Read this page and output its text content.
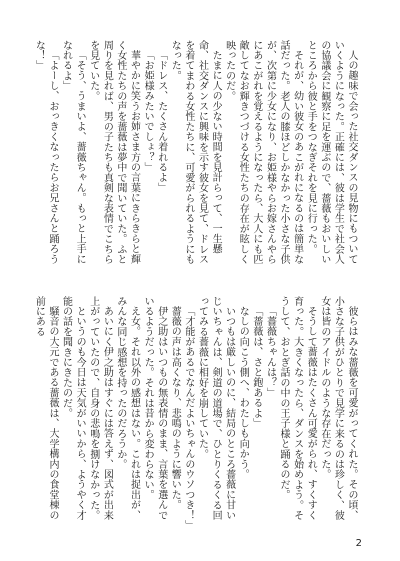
人の趣味で会った社交ダンスの見物にもついていくようになった。正確には、彼は学生で社会人の協議会に観察に足を運ぶので、薔薇もおいしいところから彼と手をつなぎそれを見に行った。

それが、幼い彼女のあこがれになるのは簡単な話だった。老人の膝ほどしかなかった小さな子供が、次第に少女になり、お姫様やらお嫁さんやらにあこがれを覚えるようになったら、大人にも匹敵してなお輝きつづける女性たちの存在が眩しく映ったのだ。

たまに人の少ない時間を見計らって、一生懸命、社交ダンスに興味を示す彼女を見て、ドレスを着てまわる女性たちに、可愛がられるようにもなった。

「ドレス、たくさん着れるよ」

「お姫様みたいでしょ？」

華やかに笑うお姉さま方の言葉にきらきらと輝く女性たちの声を薔薇は夢中で聞いていた。ふと周りを見れば、男の子たちも真剣な表情でこちらを見ていた。

「そう、うまいよ、薔薇ちゃん。もっと上手になれるよ」

「よーし、おっきくなったらお兄さんと踊ろうな！」

彼らはみな薔薇を可愛がってくれた。その頃、小さな子供がひとりで見学に来るのは珍しく、彼女は皆のアイドルのような存在だった。

そうして薔薇はたくさん可愛がられ、すくすく育った。大きくなったら、ダンスを始めよう。そうして、おとぎ話の中の王子様と踊るのだ。

「薔薇ちゃんは？」

「薔薇は、さと鉋あるよ」

なしの向こう側へ、わたしも向かう。

いつもは厳しいのに、結局のところ薔薇に甘いじいちゃんは、剣道の道場で、ひとりくるくる回ってみる薔薇に相好を崩していた。

「才能があるでなんだよいちゃんのウソつき！」

薔薇の声は高くなり、悲鳴のように響いた。

伊之助はいつもの無表情のまま、言葉を選んでいるようだった。それは昔から変わらない。

え女。それ以外の感想はない。これは捉出が、みんな同じ感想を持ったのだろうか。

あいにく伊之助はすぐには答えず、図式が出来上がっていたので、自身の悲鳴を捌けなかった。

というのも今日は天気がいいから、ようやく才能の話を聞きにきたのだ。

騒音の大元である薔薇は、大学構内の食堂棟の前にある

2
